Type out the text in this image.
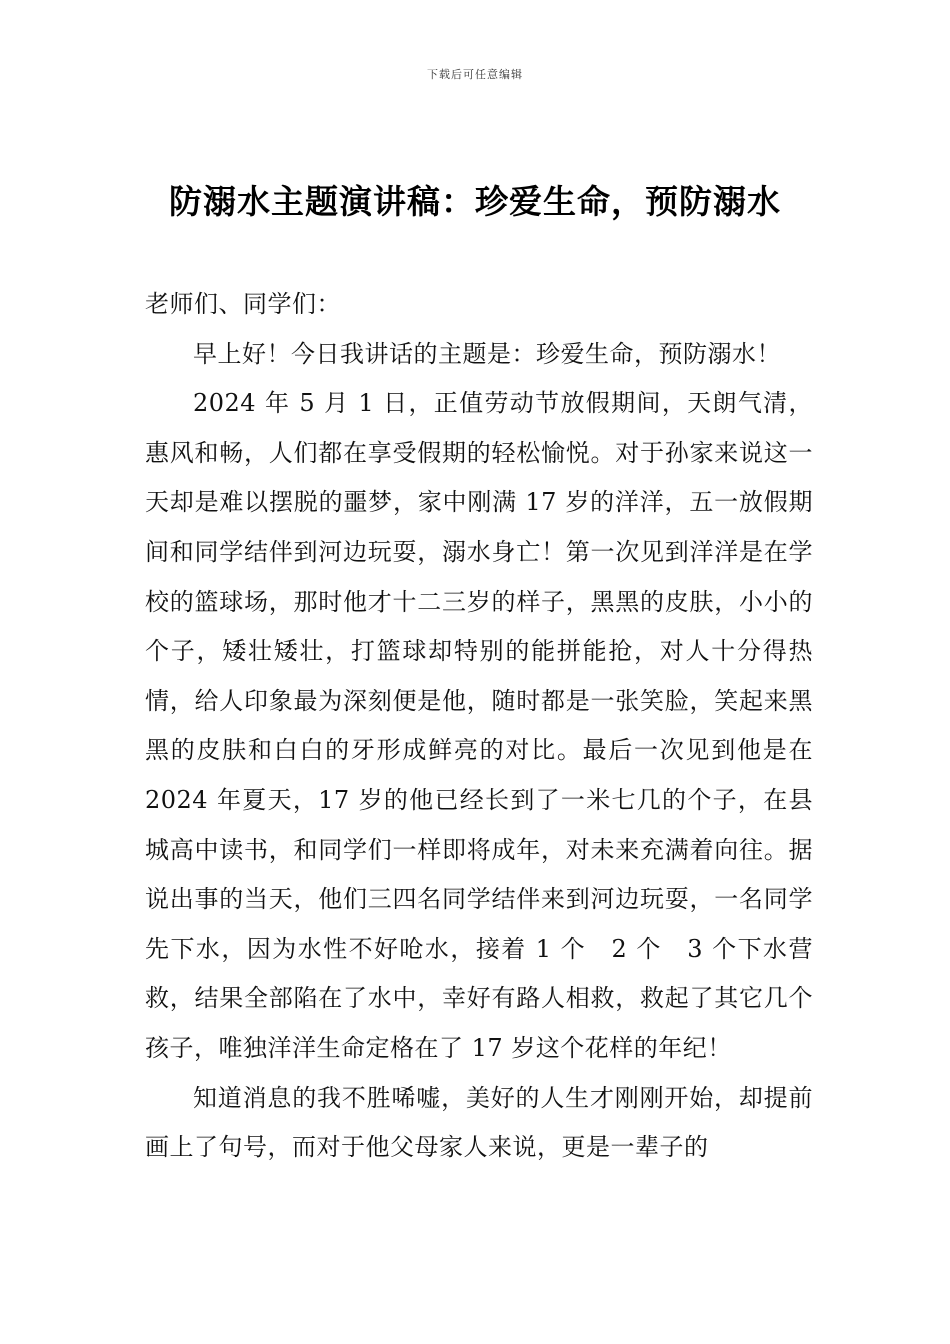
下载后可任意编辑
防溺水主题演讲稿：珍爱生命，预防溺水

老师们、同学们：

早上好！今日我讲话的主题是：珍爱生命，预防溺水！

2024 年 5 月 1 日，正值劳动节放假期间，天朗气清，惠风和畅，人们都在享受假期的轻松愉悦。对于孙家来说这一天却是难以摆脱的噩梦，家中刚满 17 岁的洋洋，五一放假期间和同学结伴到河边玩耍，溺水身亡！第一次见到洋洋是在学校的篮球场，那时他才十二三岁的样子，黑黑的皮肤，小小的个子，矮壮矮壮，打篮球却特别的能拼能抢，对人十分得热情，给人印象最为深刻便是他，随时都是一张笑脸，笑起来黑黑的皮肤和白白的牙形成鲜亮的对比。最后一次见到他是在 2024 年夏天，17 岁的他已经长到了一米七几的个子，在县城高中读书，和同学们一样即将成年，对未来充满着向往。据说出事的当天，他们三四名同学结伴来到河边玩耍，一名同学先下水，因为水性不好呛水，接着 1 个　2 个　3 个下水营救，结果全部陷在了水中，幸好有路人相救，救起了其它几个孩子，唯独洋洋生命定格在了 17 岁这个花样的年纪！

知道消息的我不胜唏嘘，美好的人生才刚刚开始，却提前画上了句号，而对于他父母家人来说，更是一辈子的
